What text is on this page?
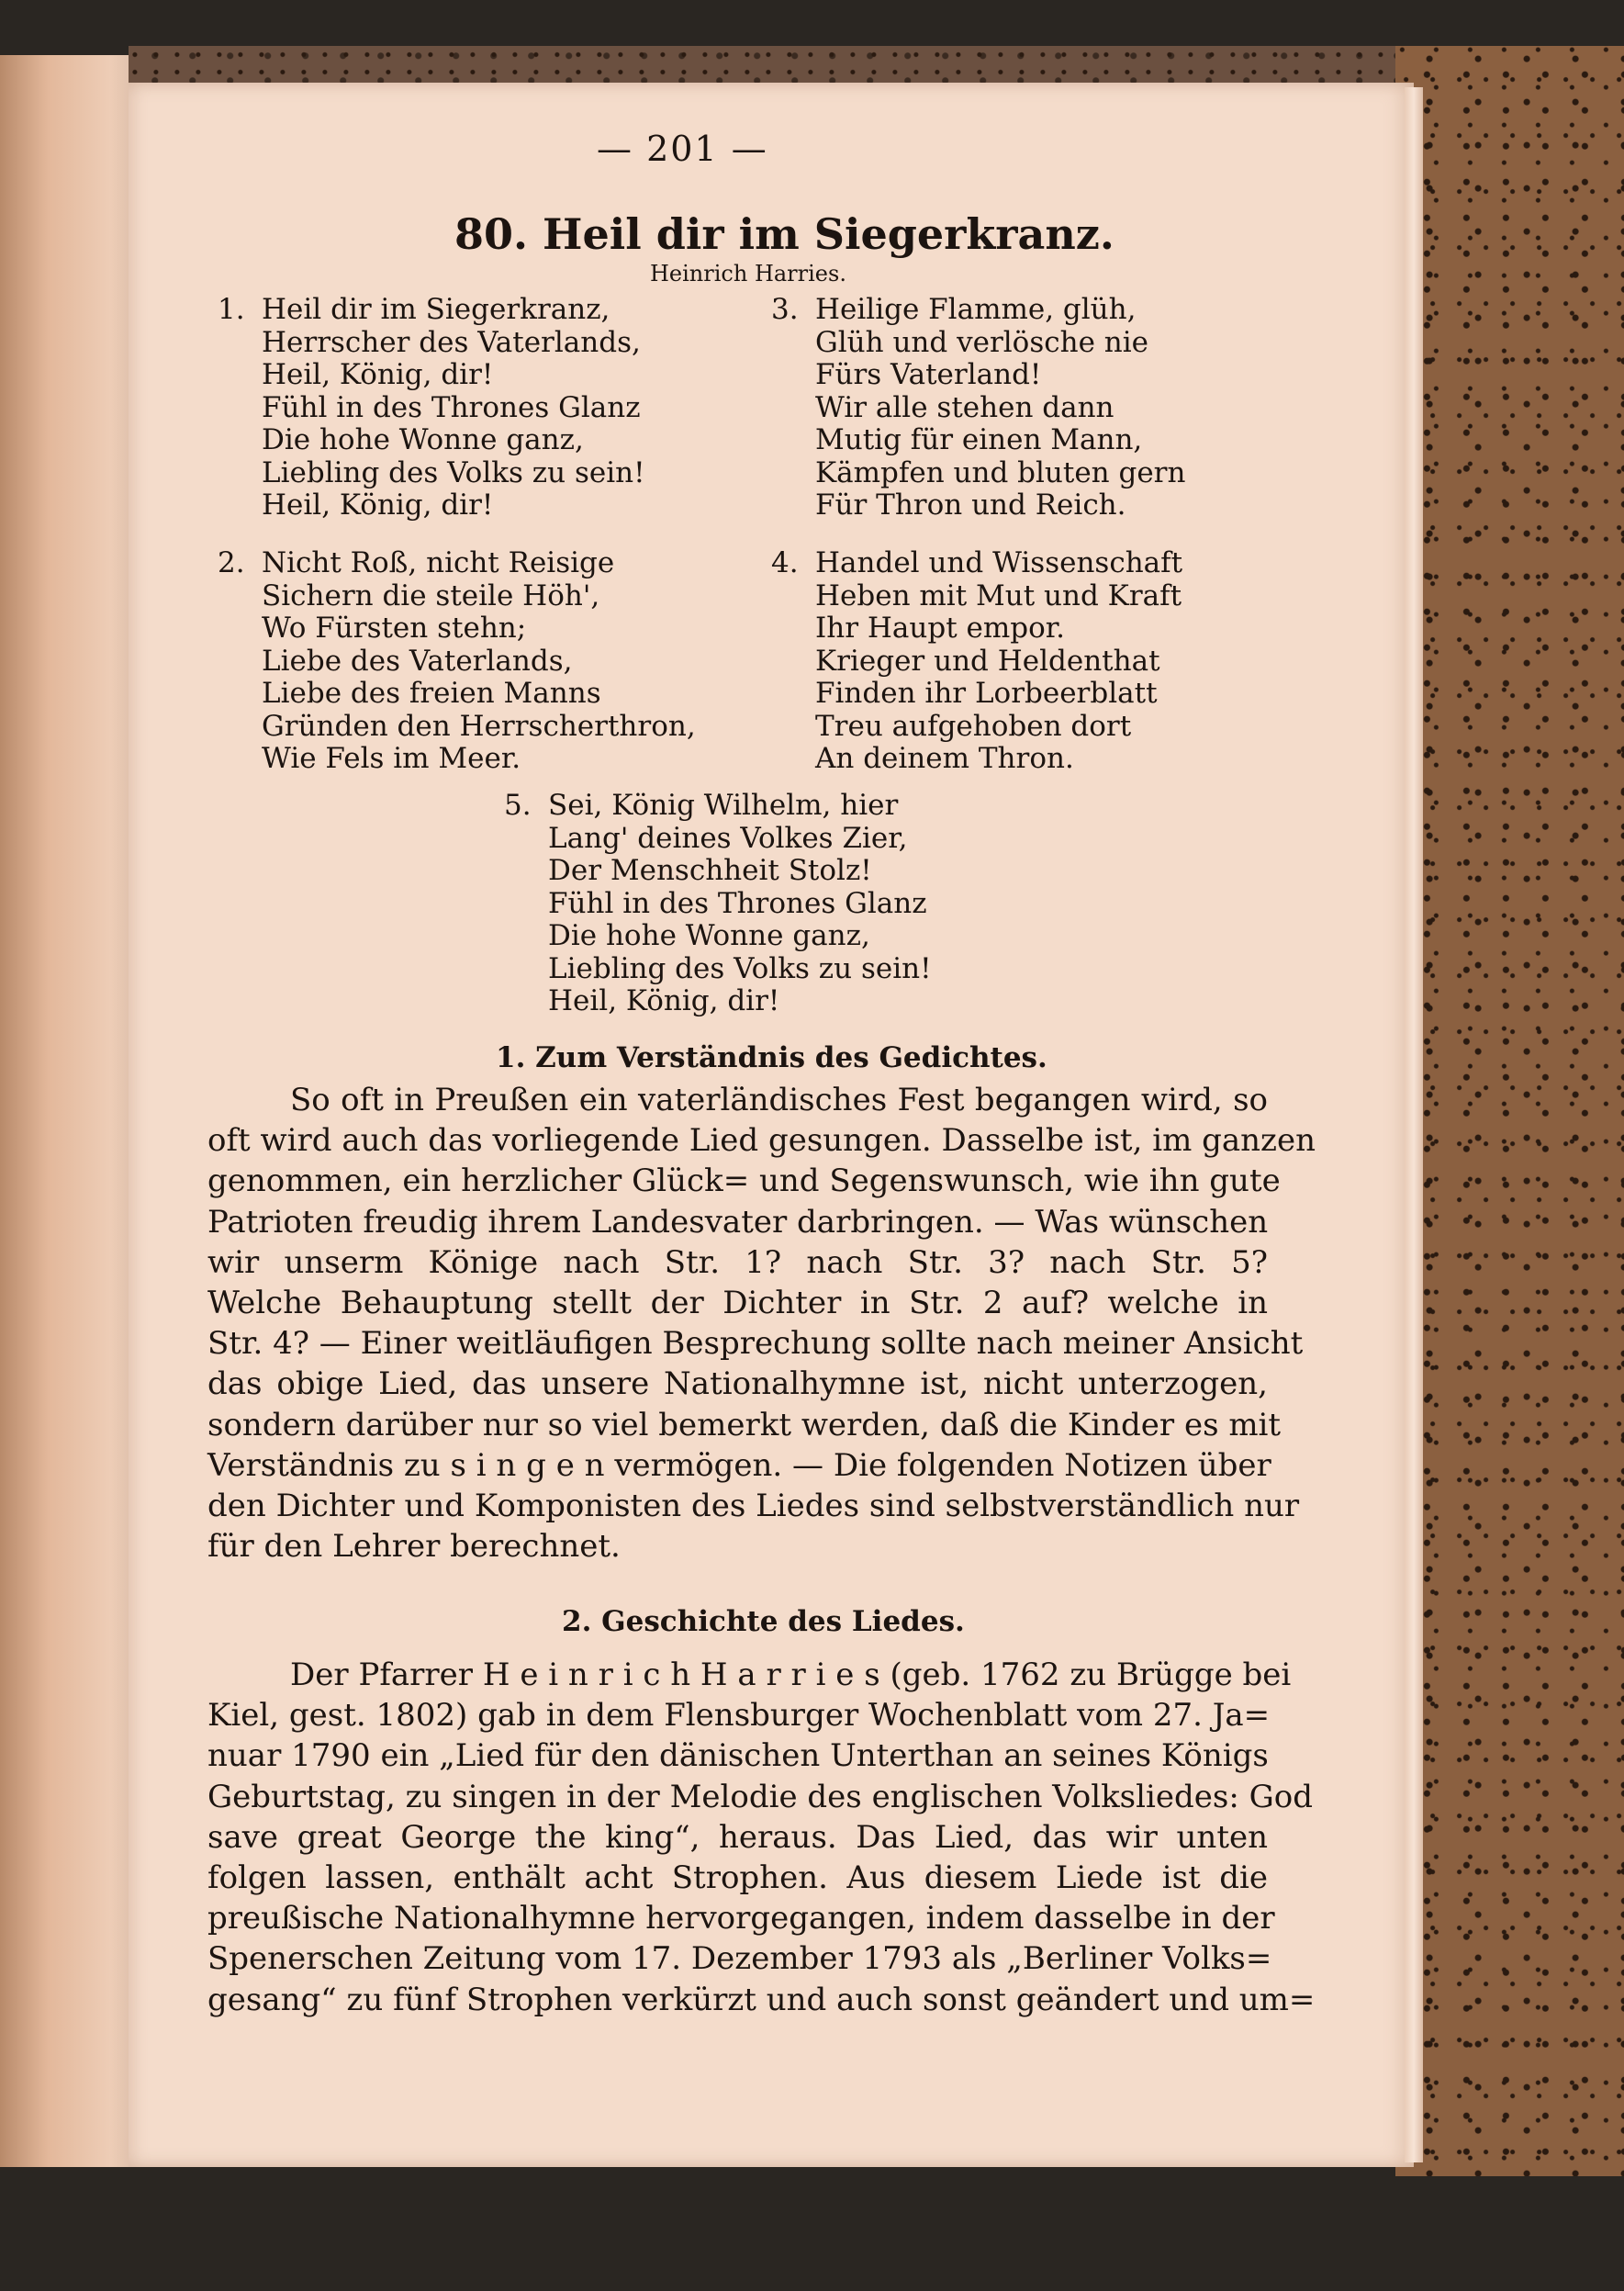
— 201 —
80. Heil dir im Siegerkranz.
Heinrich Harries.
1. Heil dir im Siegerkranz,
Herrscher des Vaterlands,
Heil, König, dir!
Fühl in des Thrones Glanz
Die hohe Wonne ganz,
Liebling des Volks zu sein!
Heil, König, dir!
3. Heilige Flamme, glüh,
Glüh und verlösche nie
Fürs Vaterland!
Wir alle stehen dann
Mutig für einen Mann,
Kämpfen und bluten gern
Für Thron und Reich.
2. Nicht Roß, nicht Reisige
Sichern die steile Höh',
Wo Fürsten stehn;
Liebe des Vaterlands,
Liebe des freien Manns
Gründen den Herrscherthron,
Wie Fels im Meer.
4. Handel und Wissenschaft
Heben mit Mut und Kraft
Ihr Haupt empor.
Krieger und Heldenthat
Finden ihr Lorbeerblatt
Treu aufgehoben dort
An deinem Thron.
5. Sei, König Wilhelm, hier
Lang' deines Volkes Zier,
Der Menschheit Stolz!
Fühl in des Thrones Glanz
Die hohe Wonne ganz,
Liebling des Volks zu sein!
Heil, König, dir!
1. Zum Verständnis des Gedichtes.
So oft in Preußen ein vaterländisches Fest begangen wird, so
oft wird auch das vorliegende Lied gesungen. Dasselbe ist, im ganzen
genommen, ein herzlicher Glück= und Segenswunsch, wie ihn gute
Patrioten freudig ihrem Landesvater darbringen. — Was wünschen
wir unserm Könige nach Str. 1? nach Str. 3? nach Str. 5?
Welche Behauptung stellt der Dichter in Str. 2 auf? welche in
Str. 4? — Einer weitläufigen Besprechung sollte nach meiner Ansicht
das obige Lied, das unsere Nationalhymne ist, nicht unterzogen,
sondern darüber nur so viel bemerkt werden, daß die Kinder es mit
Verständnis zu s i n g e n vermögen. — Die folgenden Notizen über
den Dichter und Komponisten des Liedes sind selbstverständlich nur
für den Lehrer berechnet.
2. Geschichte des Liedes.
Der Pfarrer H e i n r i c h H a r r i e s (geb. 1762 zu Brügge bei
Kiel, gest. 1802) gab in dem Flensburger Wochenblatt vom 27. Ja=
nuar 1790 ein „Lied für den dänischen Unterthan an seines Königs
Geburtstag, zu singen in der Melodie des englischen Volksliedes: God
save great George the king“, heraus. Das Lied, das wir unten
folgen lassen, enthält acht Strophen. Aus diesem Liede ist die
preußische Nationalhymne hervorgegangen, indem dasselbe in der
Spenerschen Zeitung vom 17. Dezember 1793 als „Berliner Volks=
gesang“ zu fünf Strophen verkürzt und auch sonst geändert und um=
